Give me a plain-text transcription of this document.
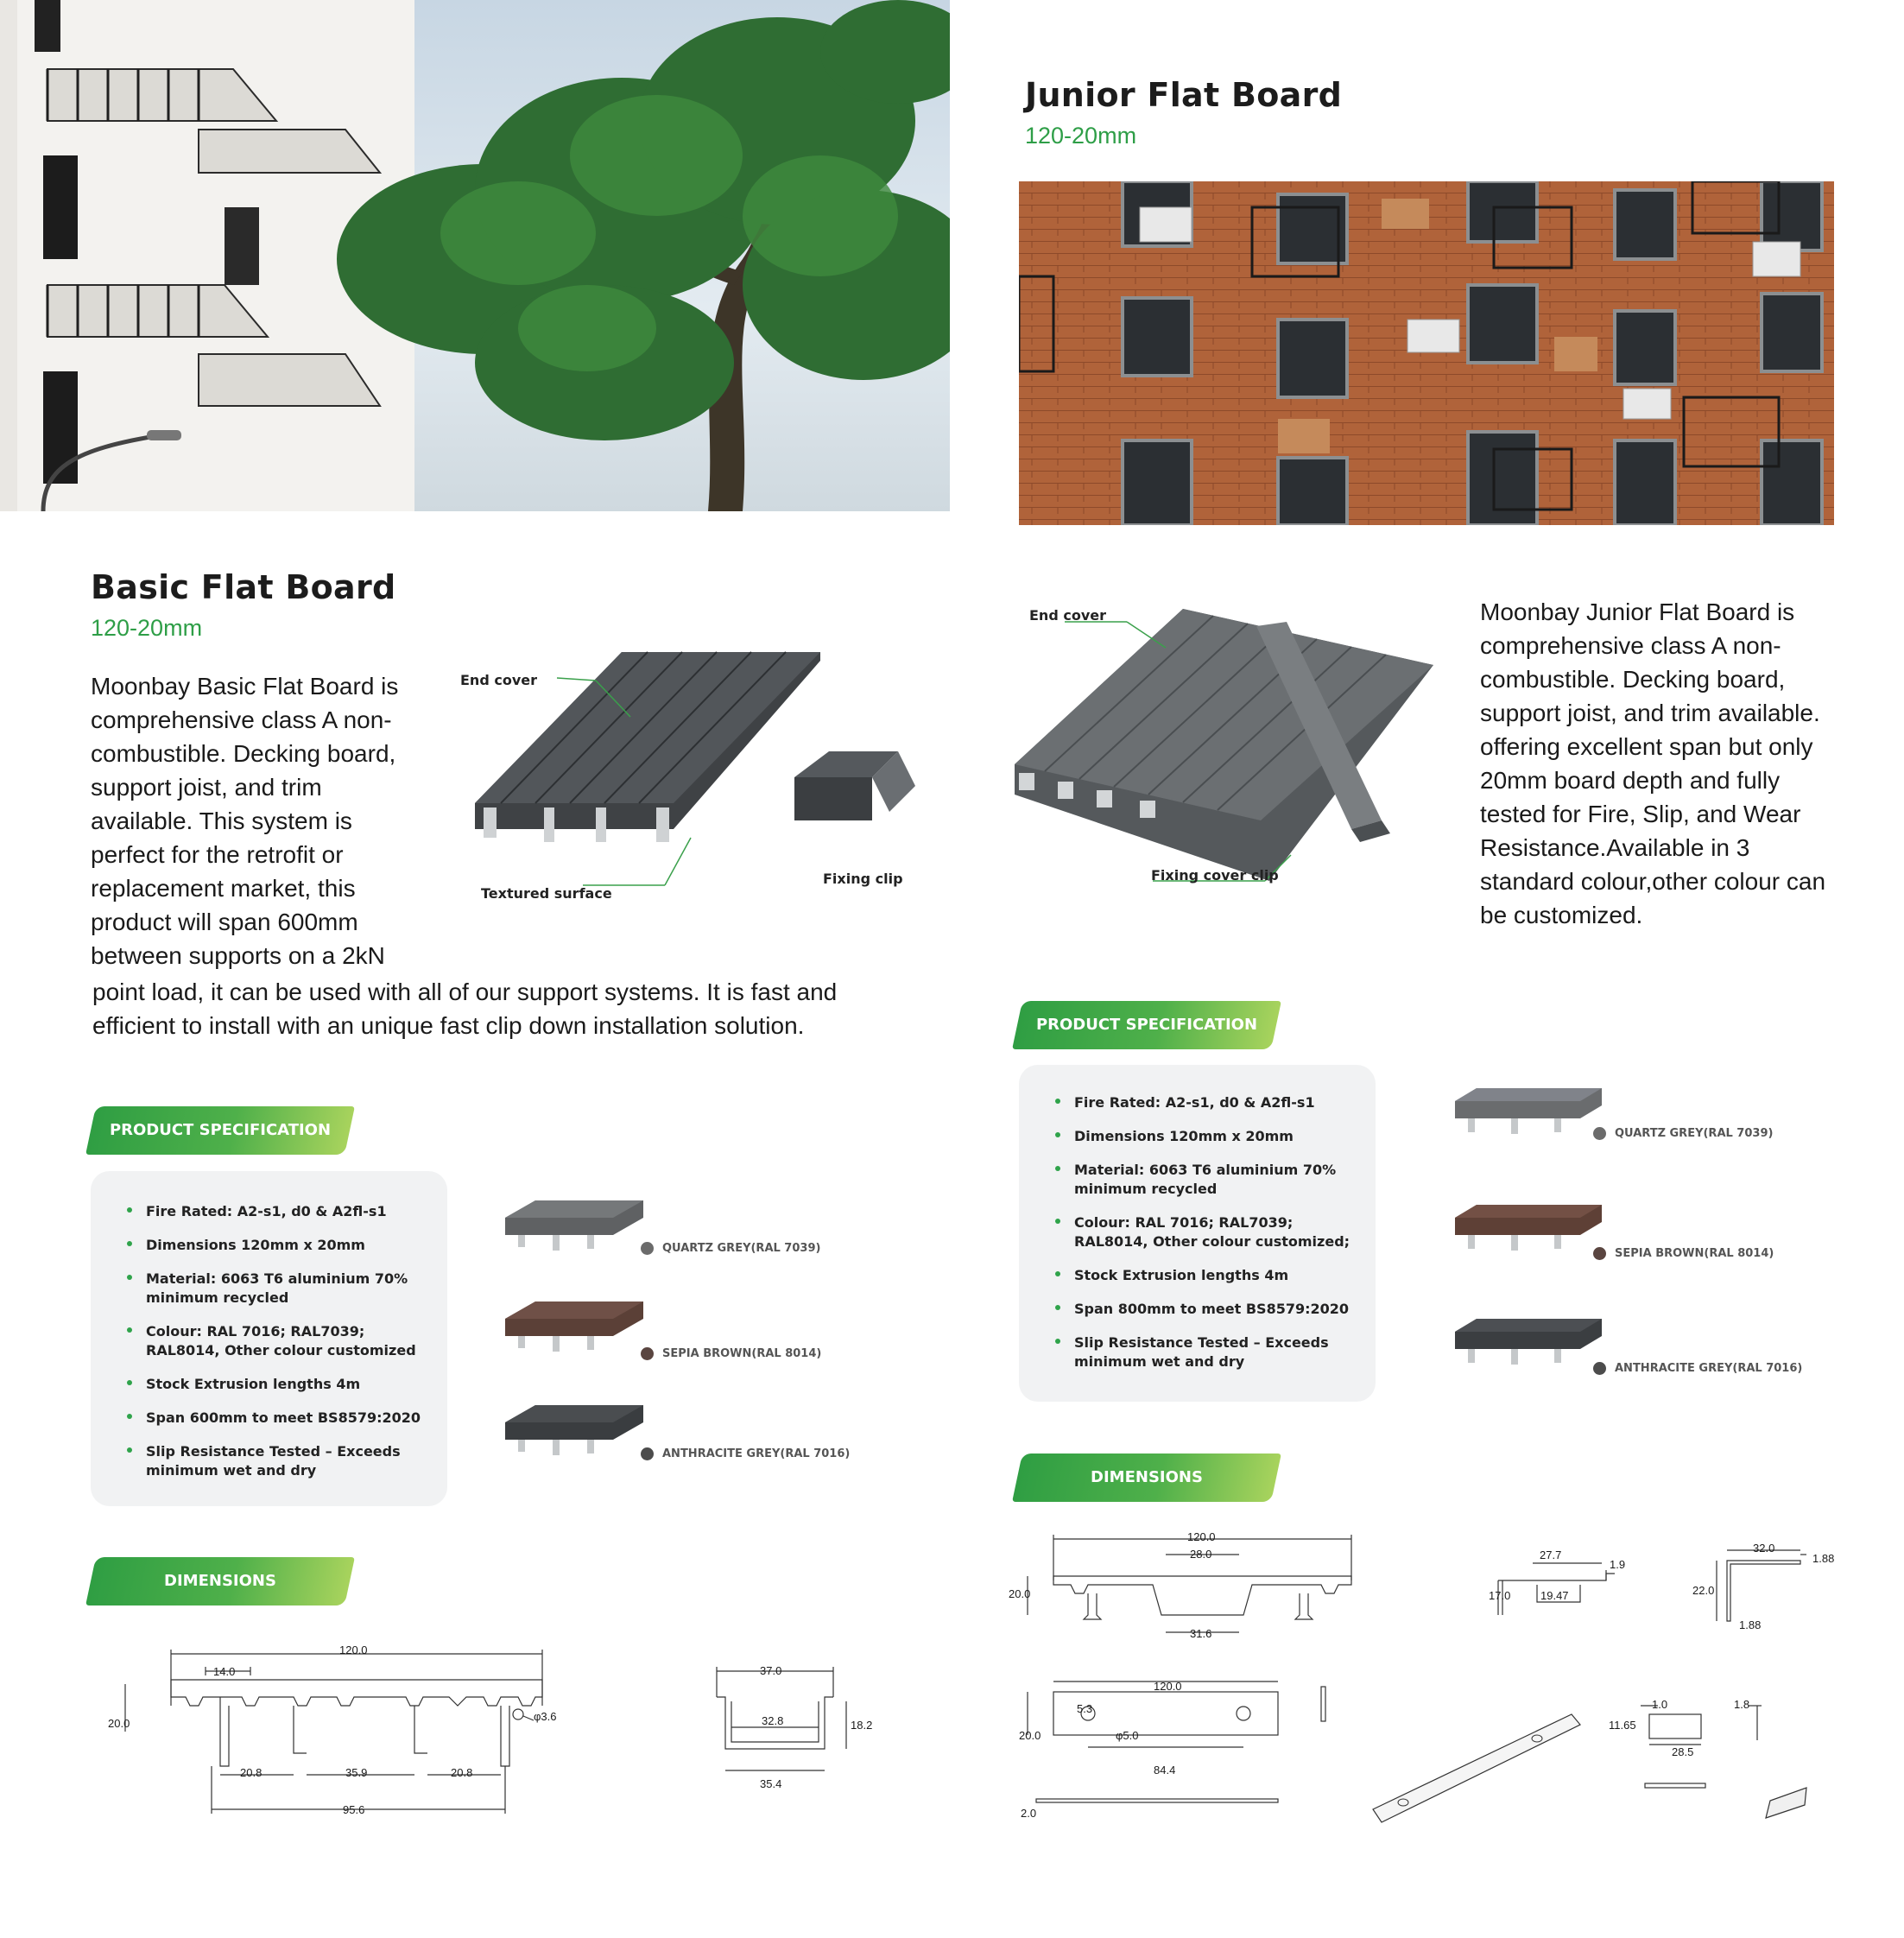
Basic Flat Board
120-20mm
Moonbay Basic Flat Board is comprehensive class A non-combustible. Decking board, support joist, and trim available. This system is perfect for the retrofit or replacement market, this product will span 600mm between supports on a 2kN
point load, it can be used with all of our support systems. It is fast and efficient to install with an unique fast clip down installation solution.
End cover
Textured surface
Fixing clip
PRODUCT SPECIFICATION
Fire Rated: A2-s1, d0 & A2fl-s1
Dimensions 120mm x 20mm
Material: 6063 T6 aluminium 70% minimum recycled
Colour: RAL 7016; RAL7039; RAL8014, Other colour customized
Stock Extrusion lengths 4m
Span 600mm to meet BS8579:2020
Slip Resistance Tested – Exceeds minimum wet and dry
QUARTZ GREY(RAL 7039)
SEPIA BROWN(RAL 8014)
ANTHRACITE GREY(RAL 7016)
DIMENSIONS
120.0
14.0
20.0
φ3.6
20.8	35.9	20.8
95.6
37.0
32.8	18.2
35.4
Junior Flat Board
120-20mm
End cover
Fixing cover clip
Moonbay Junior Flat Board is comprehensive class A non-combustible. Decking board, support joist, and trim available. offering excellent span but only 20mm board depth and fully tested for Fire, Slip, and Wear Resistance.Available in 3 standard colour,other colour can be customized.
PRODUCT SPECIFICATION
Fire Rated: A2-s1, d0 & A2fl-s1
Dimensions 120mm x 20mm
Material: 6063 T6 aluminium 70% minimum recycled
Colour: RAL 7016; RAL7039; RAL8014, Other colour customized;
Stock Extrusion lengths 4m
Span 800mm to meet BS8579:2020
Slip Resistance Tested – Exceeds minimum wet and dry
QUARTZ GREY(RAL 7039)
SEPIA BROWN(RAL 8014)
ANTHRACITE GREY(RAL 7016)
DIMENSIONS
120.0
28.0
20.0
31.6
27.7
1.9
17.0	19.47
32.0
1.88
22.0
1.88
120.0
5.3
20.0	φ5.0
84.4
2.0
1.0
11.65
28.5
1.8
